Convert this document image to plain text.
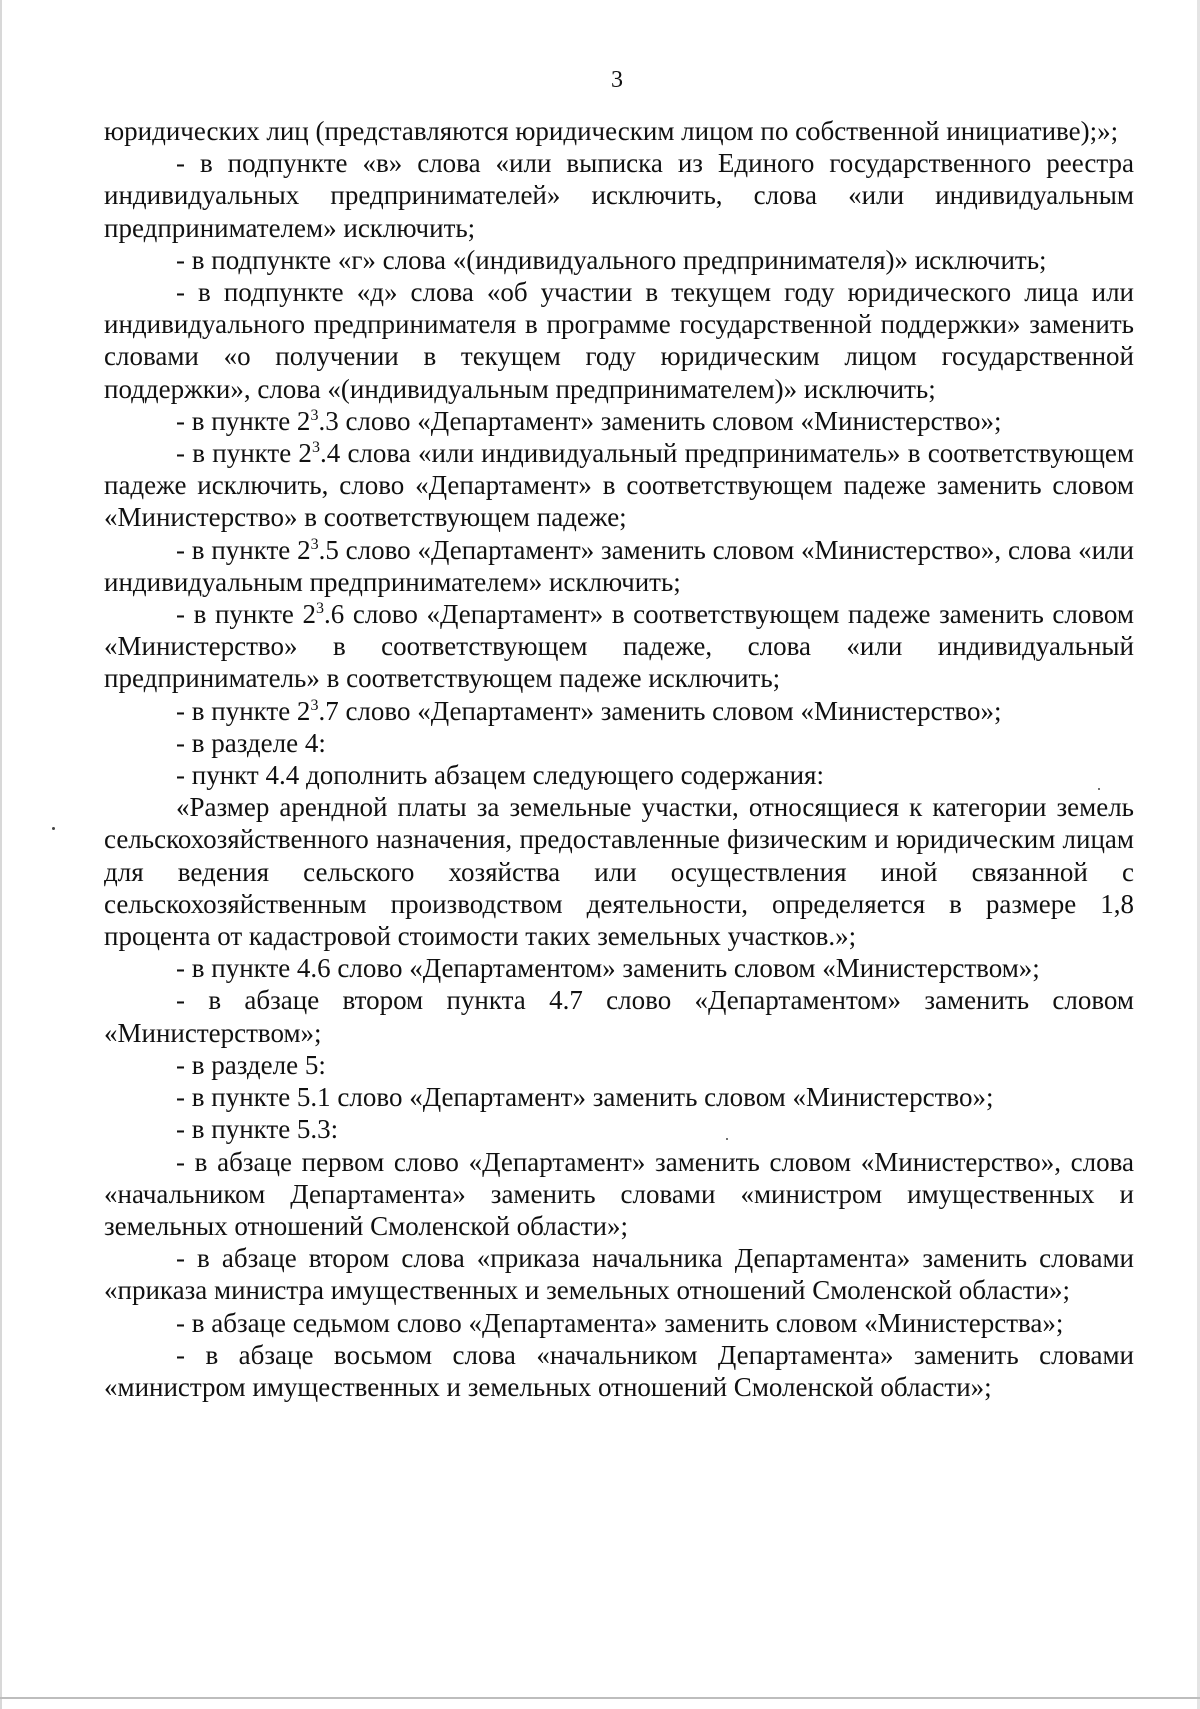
3

юридических лиц (представляются юридическим лицом по собственной инициативе);»;

- в подпункте «в» слова «или выписка из Единого государственного реестра индивидуальных предпринимателей» исключить, слова «или индивидуальным предпринимателем» исключить;

- в подпункте «г» слова «(индивидуального предпринимателя)» исключить;

- в подпункте «д» слова «об участии в текущем году юридического лица или индивидуального предпринимателя в программе государственной поддержки» заменить словами «о получении в текущем году юридическим лицом государственной поддержки», слова «(индивидуальным предпринимателем)» исключить;

- в пункте $2^3.3$ слово «Департамент» заменить словом «Министерство»;

- в пункте $2^3.4$ слова «или индивидуальный предприниматель» в соответствующем падеже исключить, слово «Департамент» в соответствующем падеже заменить словом «Министерство» в соответствующем падеже;

- в пункте $2^3.5$ слово «Департамент» заменить словом «Министерство», слова «или индивидуальным предпринимателем» исключить;

- в пункте $2^3.6$ слово «Департамент» в соответствующем падеже заменить словом «Министерство» в соответствующем падеже, слова «или индивидуальный предприниматель» в соответствующем падеже исключить;

- в пункте $2^3.7$ слово «Департамент» заменить словом «Министерство»;

- в разделе 4:

- пункт 4.4 дополнить абзацем следующего содержания:

«Размер арендной платы за земельные участки, относящиеся к категории земель сельскохозяйственного назначения, предоставленные физическим и юридическим лицам для ведения сельского хозяйства или осуществления иной связанной с сельскохозяйственным производством деятельности, определяется в размере 1,8 процента от кадастровой стоимости таких земельных участков.»;

- в пункте 4.6 слово «Департаментом» заменить словом «Министерством»;

- в абзаце втором пункта 4.7 слово «Департаментом» заменить словом «Министерством»;

- в разделе 5:

- в пункте 5.1 слово «Департамент» заменить словом «Министерство»;

- в пункте 5.3:

- в абзаце первом слово «Департамент» заменить словом «Министерство», слова «начальником Департамента» заменить словами «министром имущественных и земельных отношений Смоленской области»;

- в абзаце втором слова «приказа начальника Департамента» заменить словами «приказа министра имущественных и земельных отношений Смоленской области»;

- в абзаце седьмом слово «Департамента» заменить словом «Министерства»;

- в абзаце восьмом слова «начальником Департамента» заменить словами «министром имущественных и земельных отношений Смоленской области»;
